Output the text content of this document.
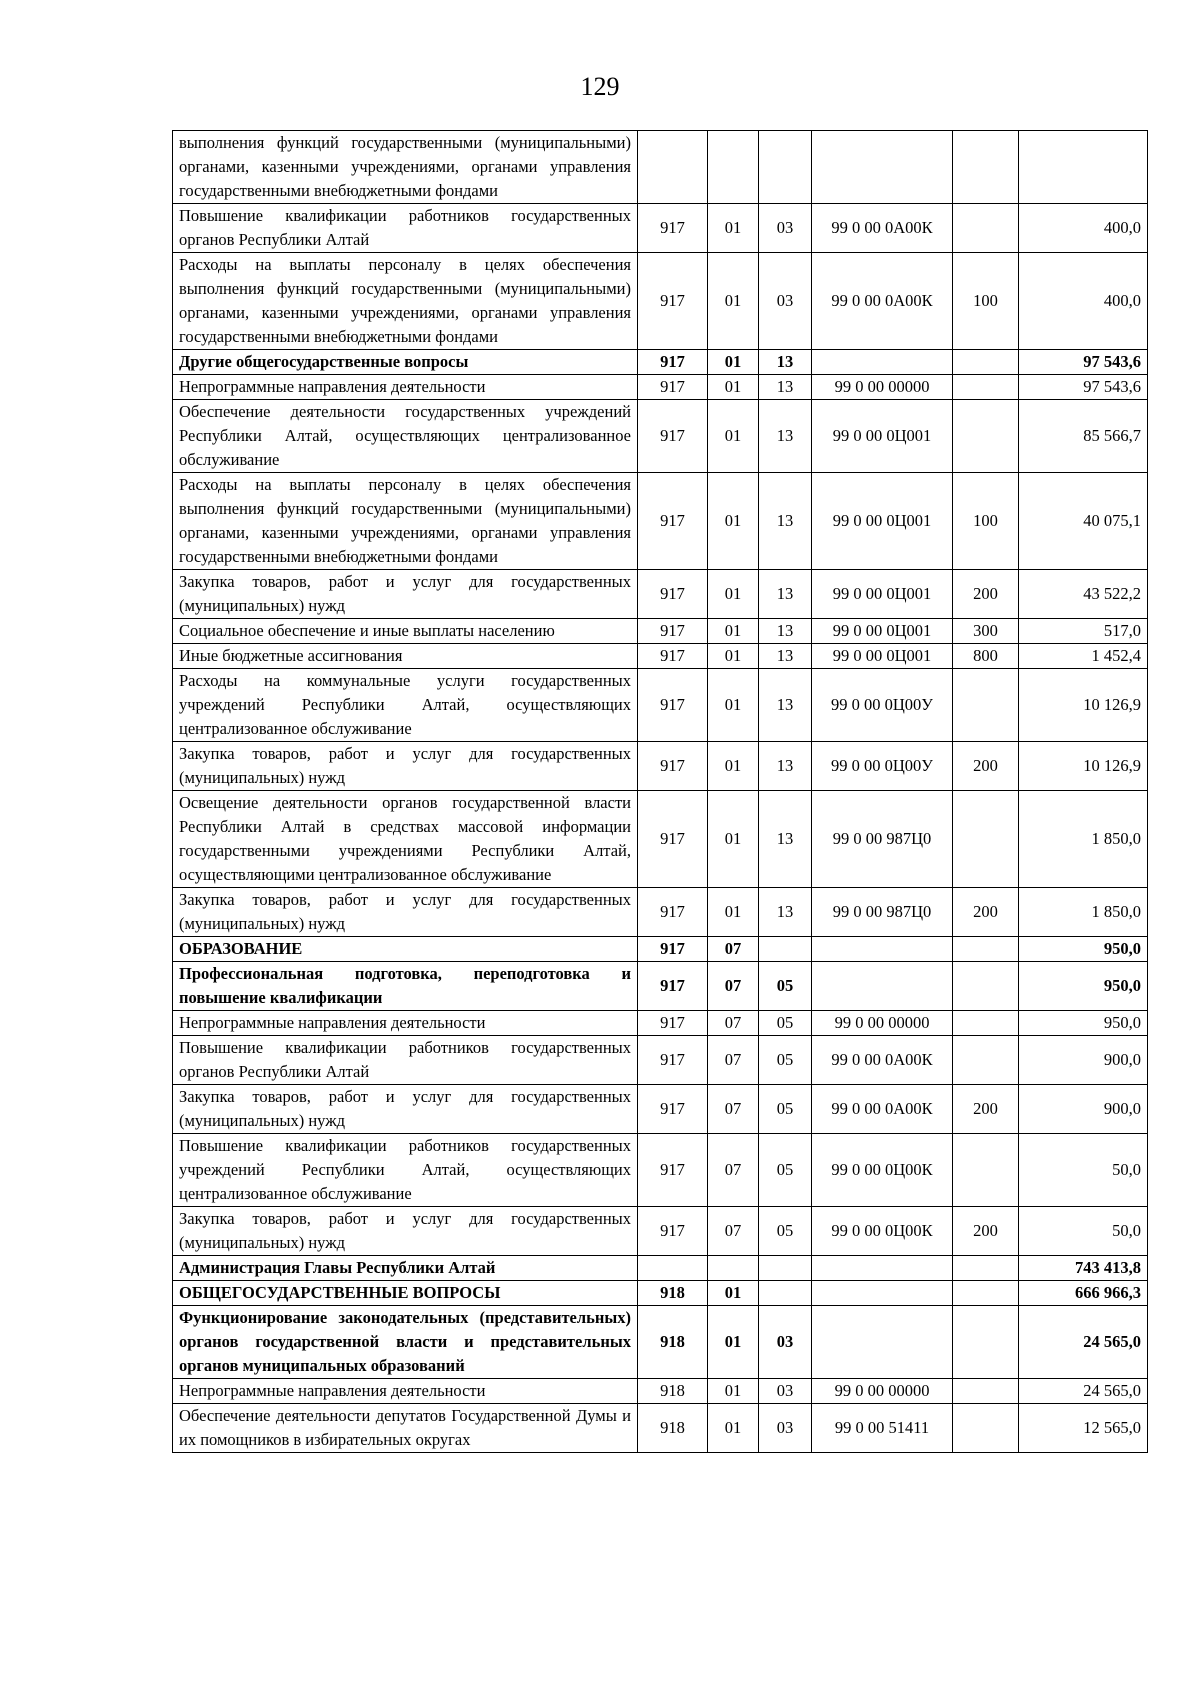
129
выполнения функций государственными (муниципальными) органами, казенными учреждениями, органами управления государственными внебюджетными фондами						
Повышение квалификации работников государственных органов Республики Алтай	917	01	03	99 0 00 0А00К		400,0
Расходы на выплаты персоналу в целях обеспечения выполнения функций государственными (муниципальными) органами, казенными учреждениями, органами управления государственными внебюджетными фондами	917	01	03	99 0 00 0А00К	100	400,0
Другие общегосударственные вопросы	917	01	13			97 543,6
Непрограммные направления деятельности	917	01	13	99 0 00 00000		97 543,6
Обеспечение деятельности государственных учреждений Республики Алтай, осуществляющих централизованное обслуживание	917	01	13	99 0 00 0Ц001		85 566,7
Расходы на выплаты персоналу в целях обеспечения выполнения функций государственными (муниципальными) органами, казенными учреждениями, органами управления государственными внебюджетными фондами	917	01	13	99 0 00 0Ц001	100	40 075,1
Закупка товаров, работ и услуг для государственных (муниципальных) нужд	917	01	13	99 0 00 0Ц001	200	43 522,2
Социальное обеспечение и иные выплаты населению	917	01	13	99 0 00 0Ц001	300	517,0
Иные бюджетные ассигнования	917	01	13	99 0 00 0Ц001	800	1 452,4
Расходы на коммунальные услуги государственных учреждений Республики Алтай, осуществляющих централизованное обслуживание	917	01	13	99 0 00 0Ц00У		10 126,9
Закупка товаров, работ и услуг для государственных (муниципальных) нужд	917	01	13	99 0 00 0Ц00У	200	10 126,9
Освещение деятельности органов государственной власти Республики Алтай в средствах массовой информации государственными учреждениями Республики Алтай, осуществляющими централизованное обслуживание	917	01	13	99 0 00 987Ц0		1 850,0
Закупка товаров, работ и услуг для государственных (муниципальных) нужд	917	01	13	99 0 00 987Ц0	200	1 850,0
ОБРАЗОВАНИЕ	917	07				950,0
Профессиональная подготовка, переподготовка и повышение квалификации	917	07	05			950,0
Непрограммные направления деятельности	917	07	05	99 0 00 00000		950,0
Повышение квалификации работников государственных органов Республики Алтай	917	07	05	99 0 00 0А00К		900,0
Закупка товаров, работ и услуг для государственных (муниципальных) нужд	917	07	05	99 0 00 0А00К	200	900,0
Повышение квалификации работников государственных учреждений Республики Алтай, осуществляющих централизованное обслуживание	917	07	05	99 0 00 0Ц00К		50,0
Закупка товаров, работ и услуг для государственных (муниципальных) нужд	917	07	05	99 0 00 0Ц00К	200	50,0
Администрация Главы Республики Алтай						743 413,8
ОБЩЕГОСУДАРСТВЕННЫЕ ВОПРОСЫ	918	01				666 966,3
Функционирование законодательных (представительных) органов государственной власти и представительных органов муниципальных образований	918	01	03			24 565,0
Непрограммные направления деятельности	918	01	03	99 0 00 00000		24 565,0
Обеспечение деятельности депутатов Государственной Думы и их помощников в избирательных округах	918	01	03	99 0 00 51411		12 565,0
